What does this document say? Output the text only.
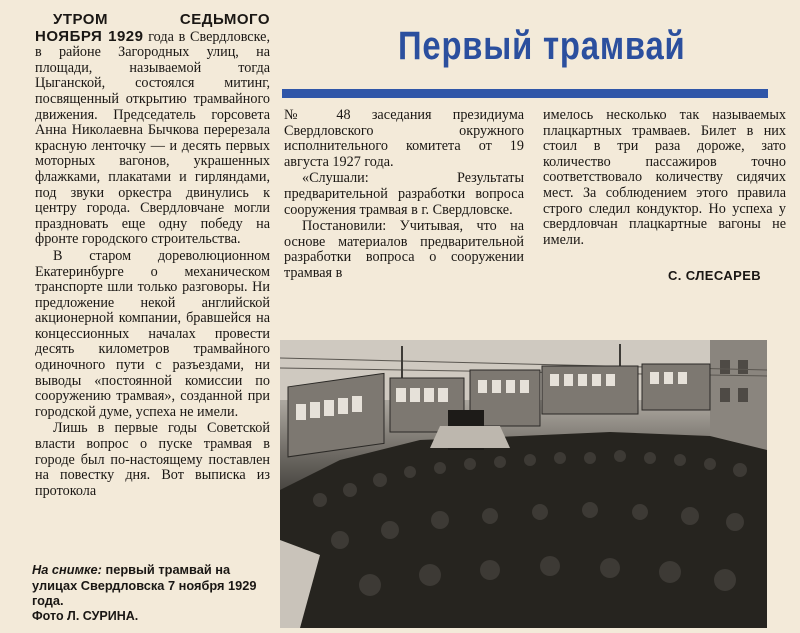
УТРОМ СЕДЬМОГО НОЯБРЯ 1929 года в Свердловске, в районе Загородных улиц, на площади, называемой тогда Цыганской, состоялся митинг, посвященный открытию трамвайного движения. Председатель горсовета Анна Николаевна Бычкова перерезала красную ленточку — и десять первых моторных вагонов, украшенных флажками, плакатами и гирляндами, под звуки оркестра двинулись к центру города. Свердловчане могли праздновать еще одну победу на фронте городского строительства.

В старом дореволюционном Екатеринбурге о механическом транспорте шли только разговоры. Ни предложение некой английской акционерной компании, бравшейся на концессионных началах провести десять километров трамвайного одиночного пути с разъездами, ни выводы «постоянной комиссии по сооружению трамвая», созданной при городской думе, успеха не имели.

Лишь в первые годы Советской власти вопрос о пуске трамвая в городе был по-настоящему поставлен на повестку дня. Вот выписка из протокола

Первый трамвай

№ 48 заседания президиума Свердловского окружного исполнительного комитета от 19 августа 1927 года.

«Слушали: Результаты предварительной разработки вопроса сооружения трамвая в г. Свердловске.

Постановили: Учитывая, что на основе материалов предварительной разработки вопроса о сооружении трамвая в

имелось несколько так называемых плацкартных трамваев. Билет в них стоил в три раза дороже, зато количество пассажиров точно соответствовало количеству сидячих мест. За соблюдением этого правила строго следил кондуктор. Но успеха у свердловчан плацкартные вагоны не имели.

С. СЛЕСАРЕВ
На снимке: первый трамвай на улицах Свердловска 7 ноября 1929 года.
Фото Л. СУРИНА.
